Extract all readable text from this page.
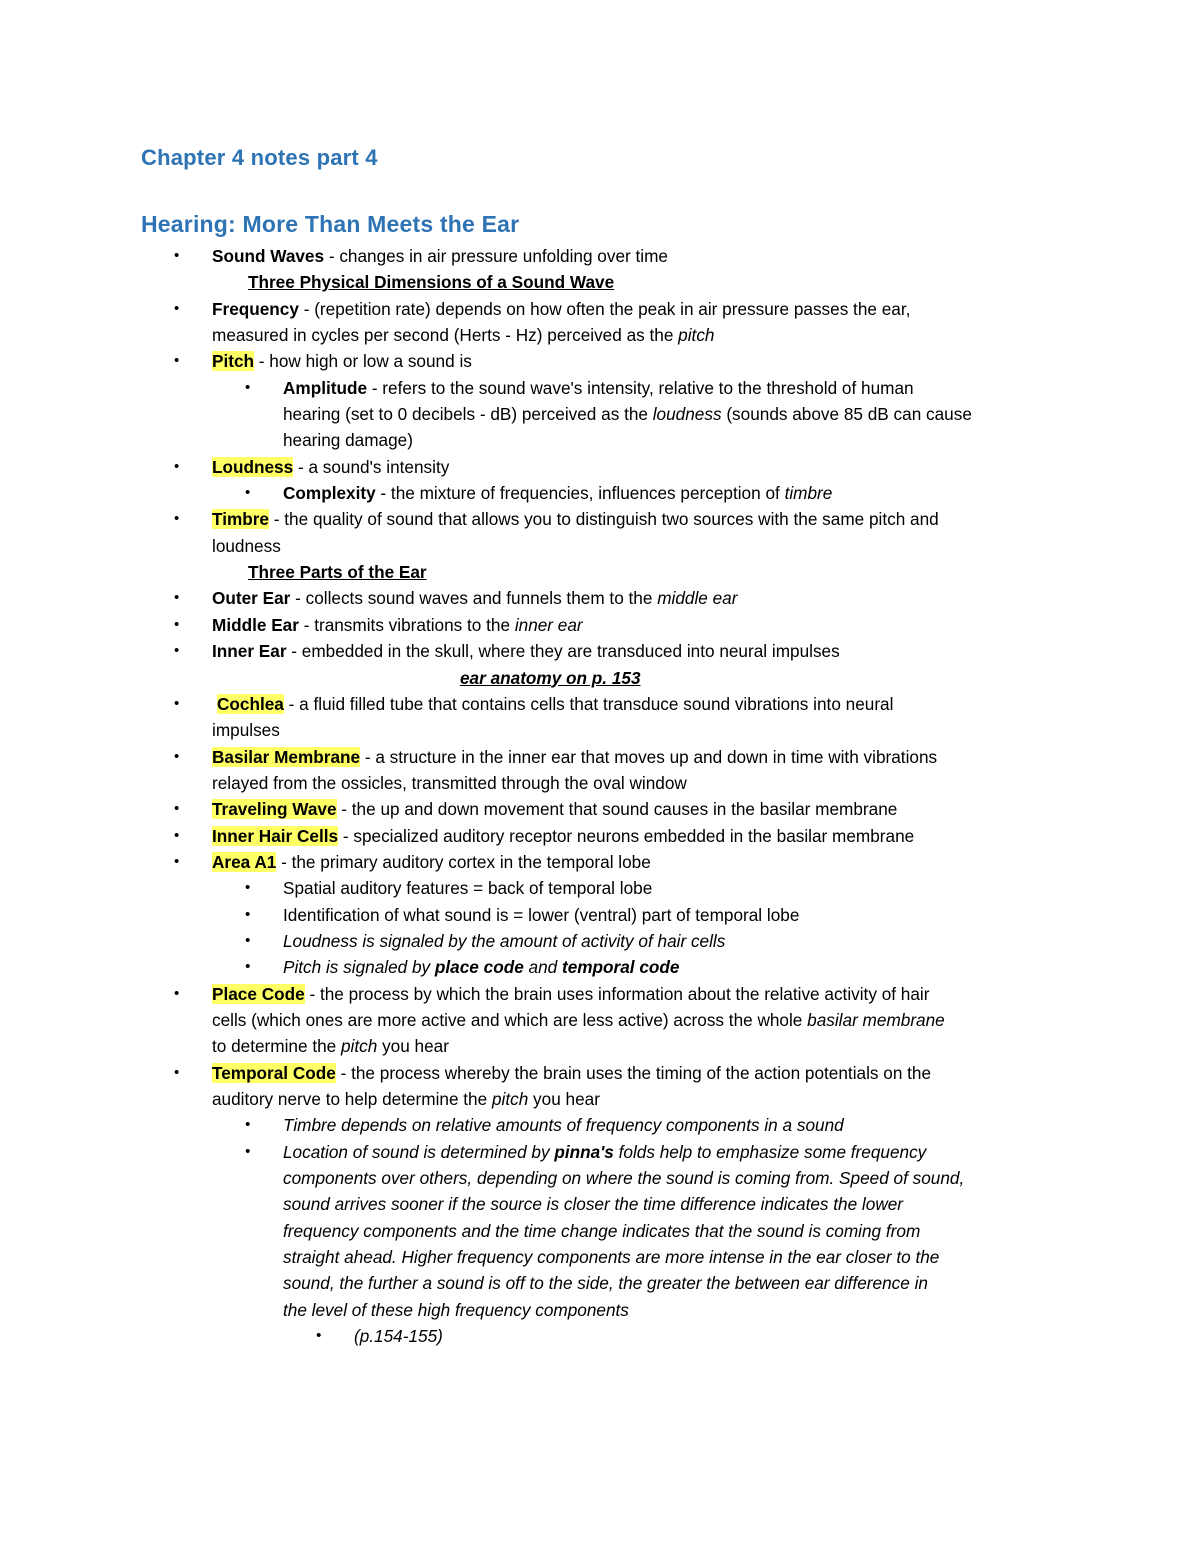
Chapter 4 notes part 4
Hearing: More Than Meets the Ear
• Sound Waves - changes in air pressure unfolding over time
Three Physical Dimensions of a Sound Wave
• Frequency - (repetition rate) depends on how often the peak in air pressure passes the ear,
measured in cycles per second (Herts - Hz) perceived as the pitch
• Pitch - how high or low a sound is
• Amplitude - refers to the sound wave's intensity, relative to the threshold of human
hearing (set to 0 decibels - dB) perceived as the loudness (sounds above 85 dB can cause
hearing damage)
• Loudness - a sound's intensity
• Complexity - the mixture of frequencies, influences perception of timbre
• Timbre - the quality of sound that allows you to distinguish two sources with the same pitch and
loudness
Three Parts of the Ear
• Outer Ear - collects sound waves and funnels them to the middle ear
• Middle Ear - transmits vibrations to the inner ear
• Inner Ear - embedded in the skull, where they are transduced into neural impulses
ear anatomy on p. 153
• Cochlea - a fluid filled tube that contains cells that transduce sound vibrations into neural
impulses
• Basilar Membrane - a structure in the inner ear that moves up and down in time with vibrations
relayed from the ossicles, transmitted through the oval window
• Traveling Wave - the up and down movement that sound causes in the basilar membrane
• Inner Hair Cells - specialized auditory receptor neurons embedded in the basilar membrane
• Area A1 - the primary auditory cortex in the temporal lobe
• Spatial auditory features = back of temporal lobe
• Identification of what sound is = lower (ventral) part of temporal lobe
• Loudness is signaled by the amount of activity of hair cells
• Pitch is signaled by place code and temporal code
• Place Code - the process by which the brain uses information about the relative activity of hair
cells (which ones are more active and which are less active) across the whole basilar membrane
to determine the pitch you hear
• Temporal Code - the process whereby the brain uses the timing of the action potentials on the
auditory nerve to help determine the pitch you hear
• Timbre depends on relative amounts of frequency components in a sound
• Location of sound is determined by pinna's folds help to emphasize some frequency
components over others, depending on where the sound is coming from. Speed of sound,
sound arrives sooner if the source is closer the time difference indicates the lower
frequency components and the time change indicates that the sound is coming from
straight ahead. Higher frequency components are more intense in the ear closer to the
sound, the further a sound is off to the side, the greater the between ear difference in
the level of these high frequency components
• (p.154-155)
